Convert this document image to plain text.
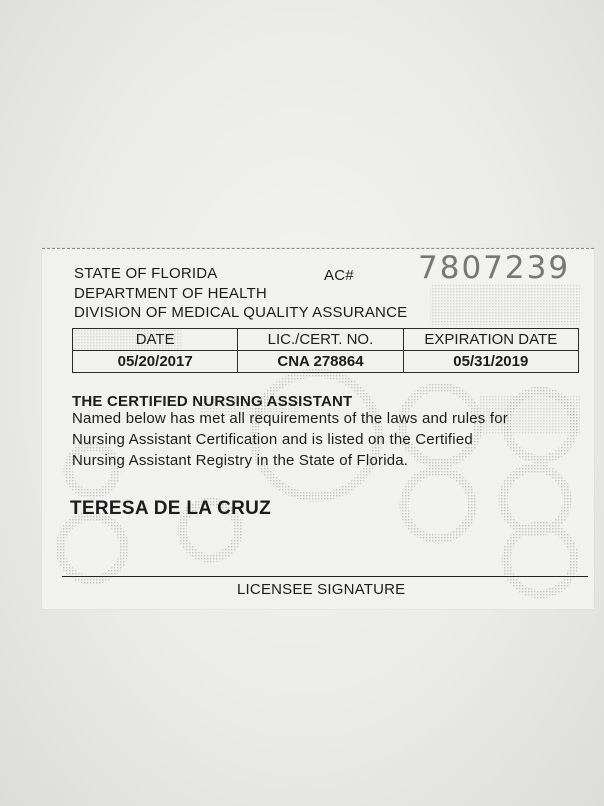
STATE OF FLORIDA	AC# 7807239
DEPARTMENT OF HEALTH
DIVISION OF MEDICAL QUALITY ASSURANCE
DATE	LIC./CERT. NO.	EXPIRATION DATE
05/20/2017	CNA 278864	05/31/2019
THE CERTIFIED NURSING ASSISTANT
Named below has met all requirements of the laws and rules for
Nursing Assistant Certification and is listed on the Certified
Nursing Assistant Registry in the State of Florida.
TERESA DE LA CRUZ
LICENSEE SIGNATURE
